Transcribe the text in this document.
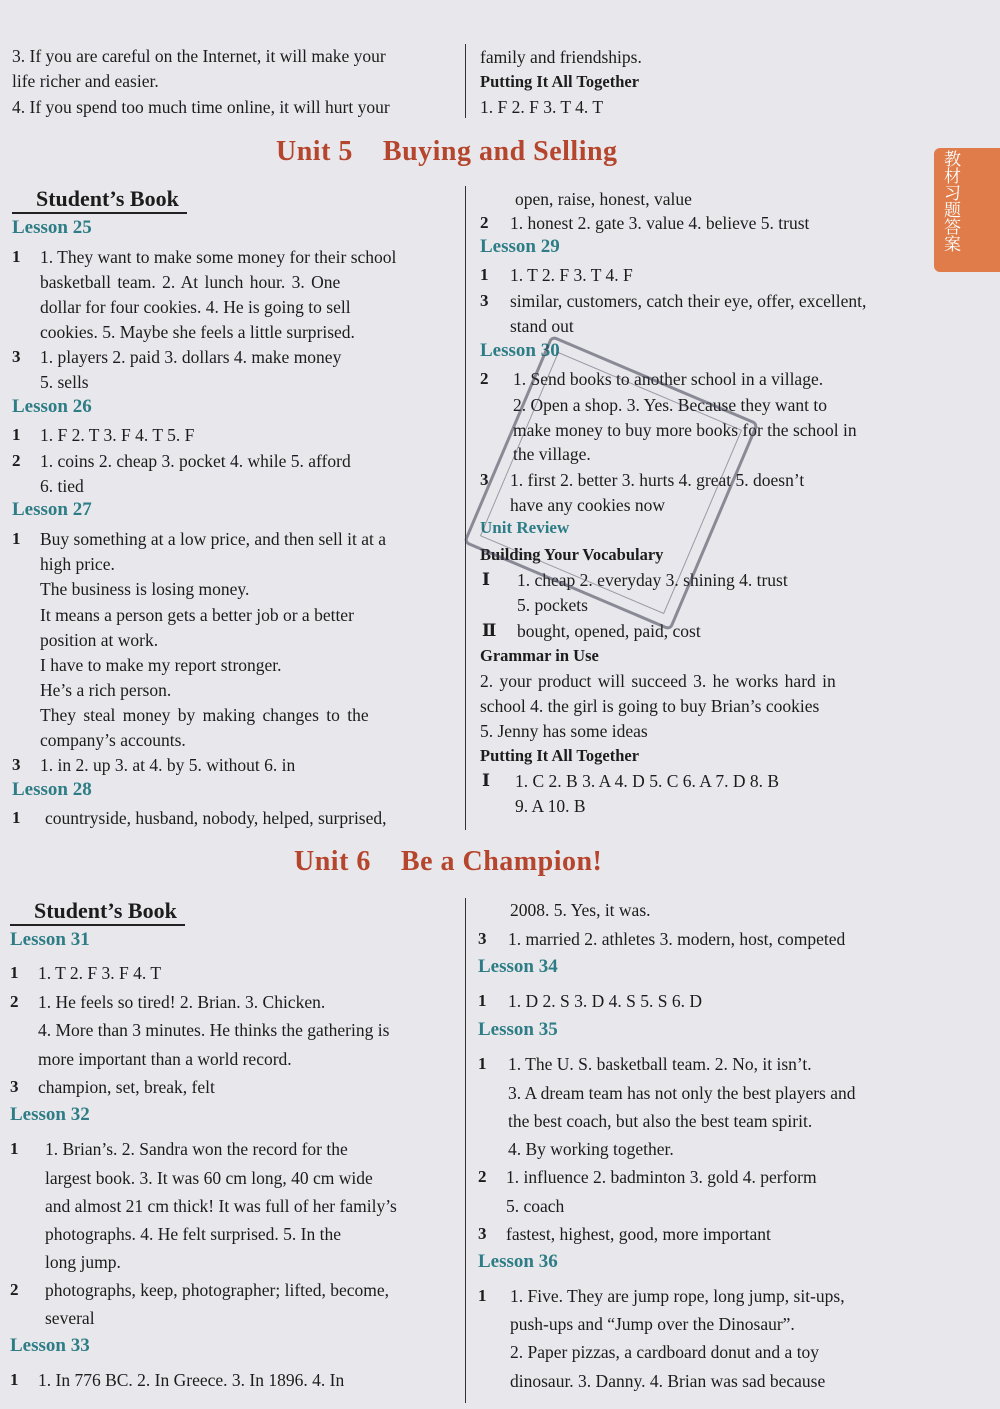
3. If you are careful on the Internet, it will make your
life richer and easier.
4. If you spend too much time online, it will hurt your
family and friendships.
Putting It All Together
1. F 2. F 3. T 4. T
Unit 5    Buying and Selling	教材习题答案
Student’s Book
Lesson 25
1 1. They want to make some money for their school
basketball team. 2. At lunch hour. 3. One
dollar for four cookies. 4. He is going to sell
cookies. 5. Maybe she feels a little surprised.
3 1. players 2. paid 3. dollars 4. make money
5. sells
Lesson 26
1 1. F 2. T 3. F 4. T 5. F
2 1. coins 2. cheap 3. pocket 4. while 5. afford
6. tied
Lesson 27
1 Buy something at a low price, and then sell it at a
high price.
The business is losing money.
It means a person gets a better job or a better
position at work.
I have to make my report stronger.
He’s a rich person.
They steal money by making changes to the
company’s accounts.
3 1. in 2. up 3. at 4. by 5. without 6. in
Lesson 28
1 countryside, husband, nobody, helped, surprised,
open, raise, honest, value
2 1. honest 2. gate 3. value 4. believe 5. trust
Lesson 29
1 1. T 2. F 3. T 4. F
3 similar, customers, catch their eye, offer, excellent,
stand out
Lesson 30
2 1. Send books to another school in a village.
2. Open a shop. 3. Yes. Because they want to
make money to buy more books for the school in
the village.
3 1. first 2. better 3. hurts 4. great 5. doesn’t
have any cookies now
Unit Review
Building Your Vocabulary
Ⅰ 1. cheap 2. everyday 3. shining 4. trust
5. pockets
Ⅱ bought, opened, paid, cost
Grammar in Use
2. your product will succeed 3. he works hard in
school 4. the girl is going to buy Brian’s cookies
5. Jenny has some ideas
Putting It All Together
Ⅰ 1. C 2. B 3. A 4. D 5. C 6. A 7. D 8. B
9. A 10. B
Unit 6    Be a Champion!
Student’s Book
Lesson 31
1 1. T 2. F 3. F 4. T
2 1. He feels so tired! 2. Brian. 3. Chicken.
4. More than 3 minutes. He thinks the gathering is
more important than a world record.
3 champion, set, break, felt
Lesson 32
1 1. Brian’s. 2. Sandra won the record for the
largest book. 3. It was 60 cm long, 40 cm wide
and almost 21 cm thick! It was full of her family’s
photographs. 4. He felt surprised. 5. In the
long jump.
2 photographs, keep, photographer; lifted, become,
several
Lesson 33
1 1. In 776 BC. 2. In Greece. 3. In 1896. 4. In
2008. 5. Yes, it was.
3 1. married 2. athletes 3. modern, host, competed
Lesson 34
1 1. D 2. S 3. D 4. S 5. S 6. D
Lesson 35
1 1. The U. S. basketball team. 2. No, it isn’t.
3. A dream team has not only the best players and
the best coach, but also the best team spirit.
4. By working together.
2 1. influence 2. badminton 3. gold 4. perform
5. coach
3 fastest, highest, good, more important
Lesson 36
1 1. Five. They are jump rope, long jump, sit-ups,
push-ups and “Jump over the Dinosaur”.
2. Paper pizzas, a cardboard donut and a toy
dinosaur. 3. Danny. 4. Brian was sad because
